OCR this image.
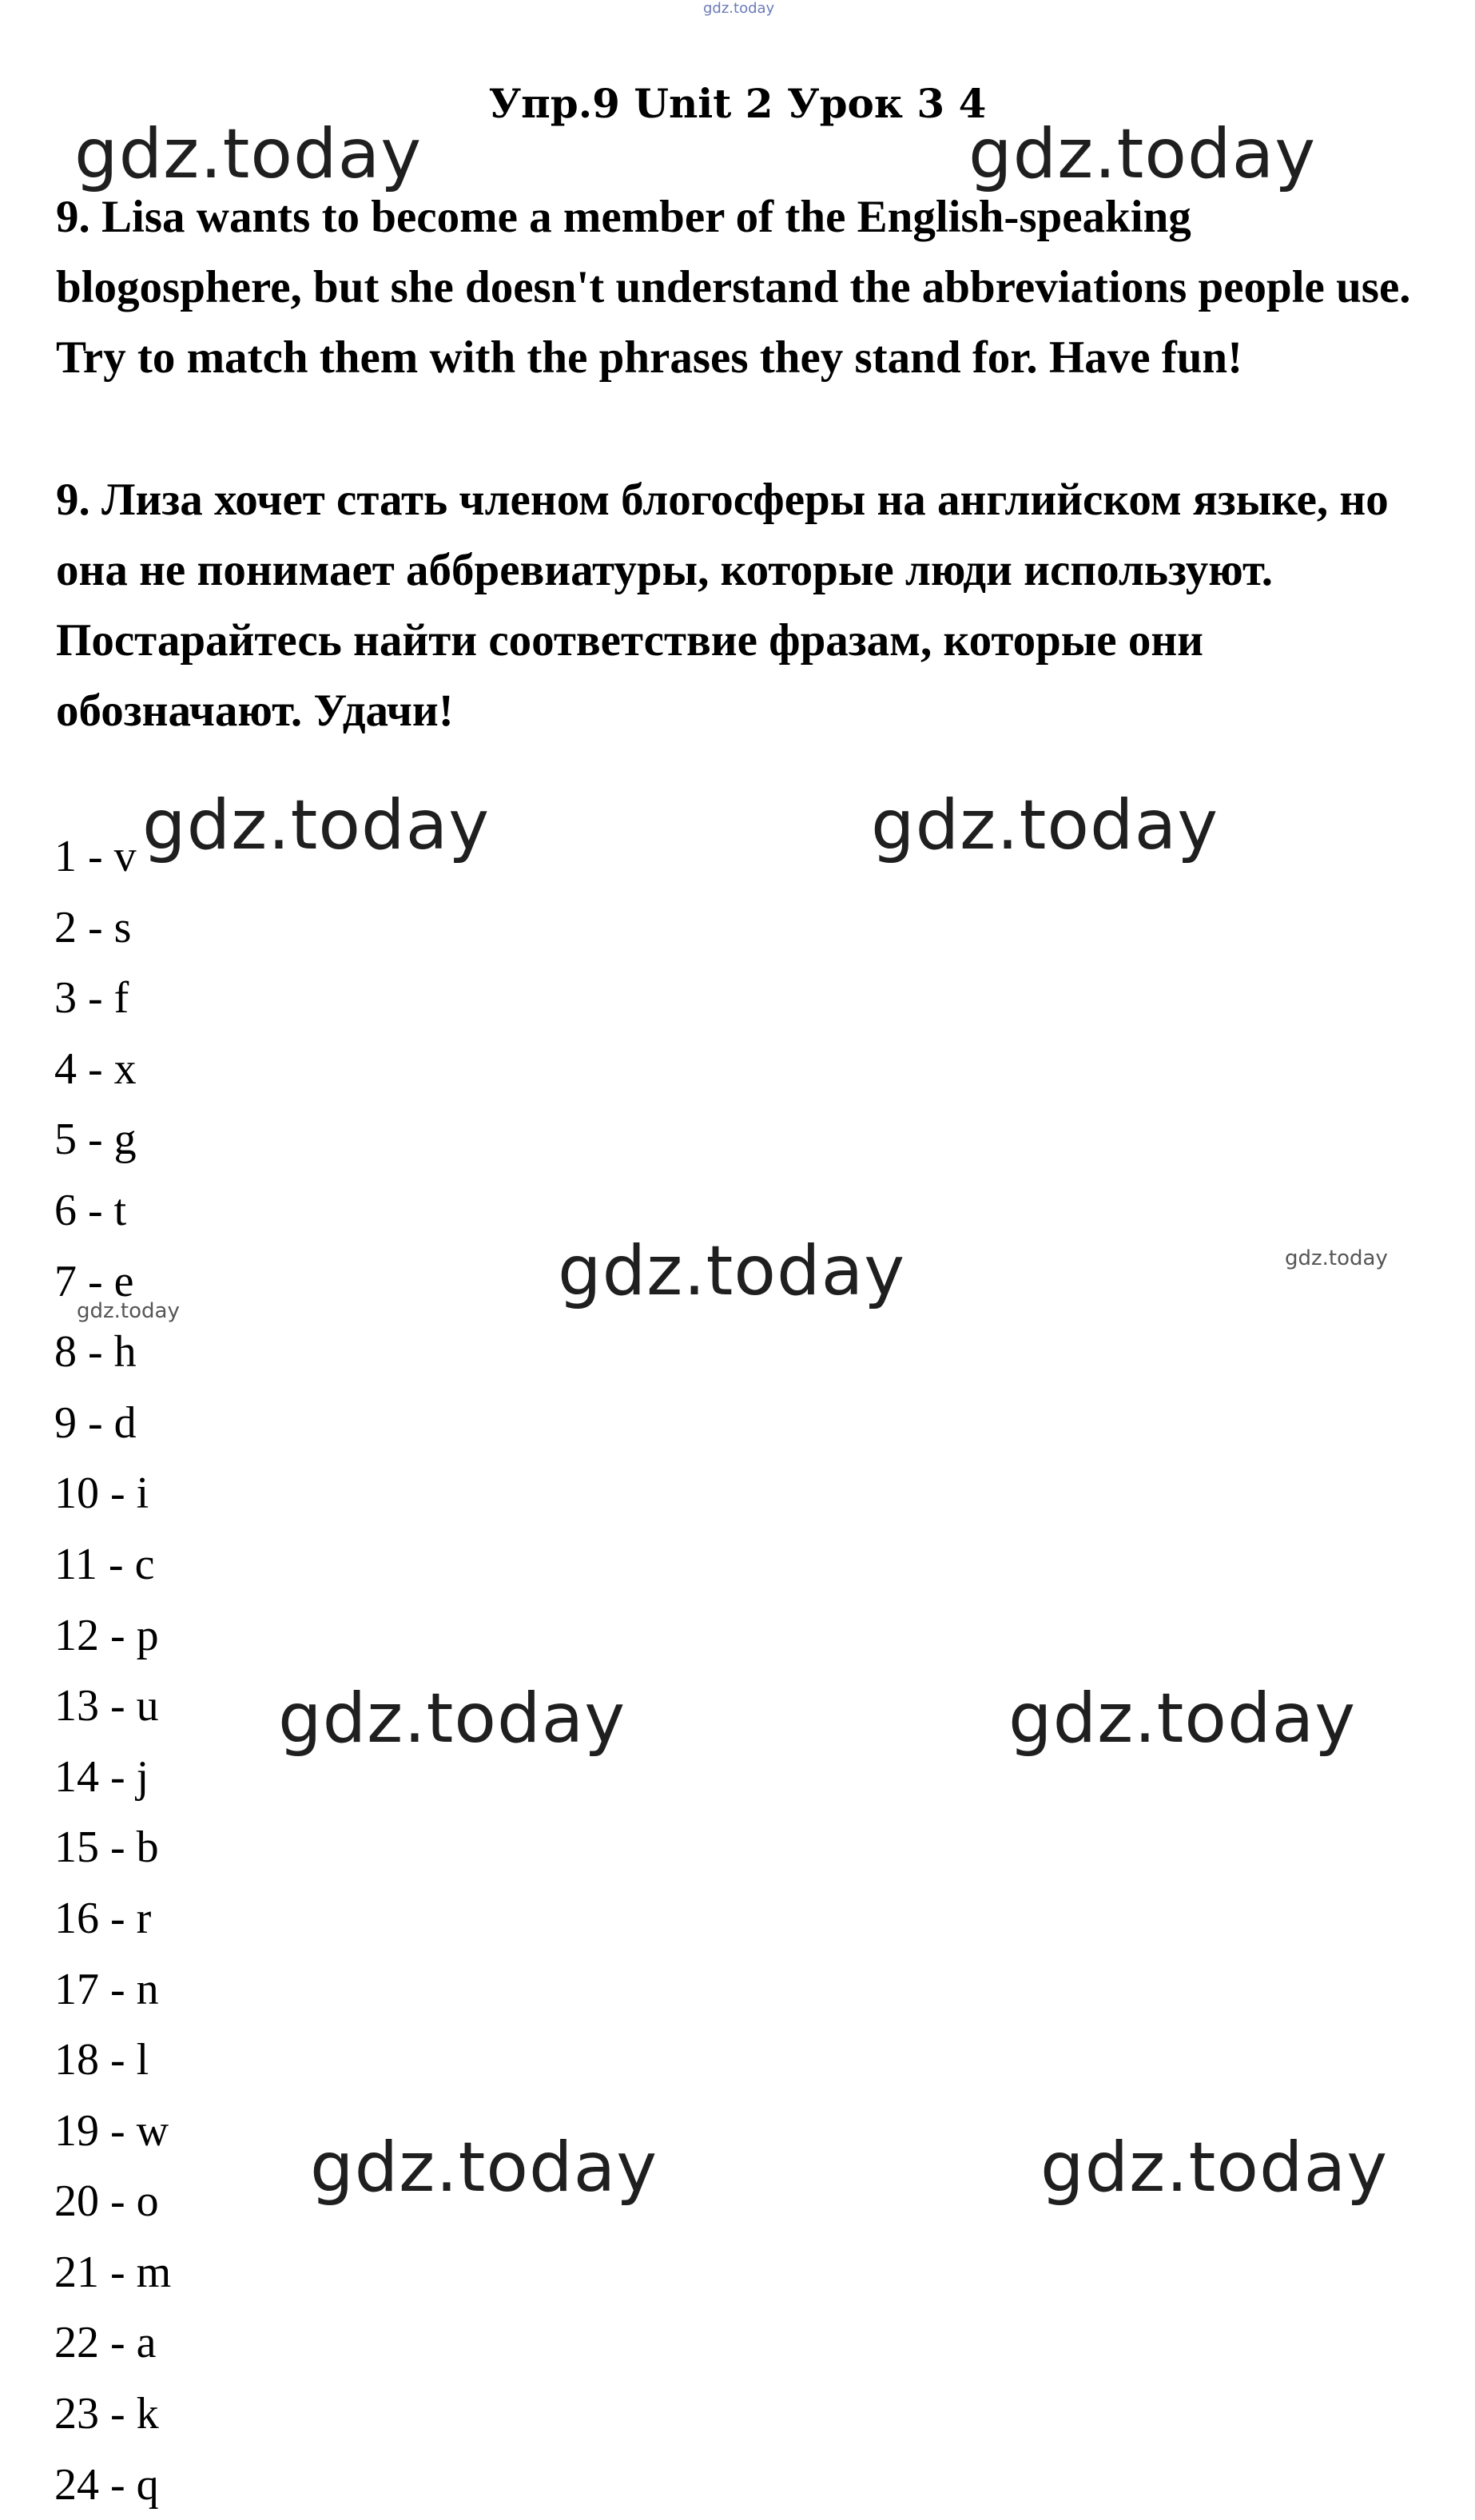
gdz.today
Упр.9 Unit 2 Урок 3 4
gdz.today	gdz.today

9. Lisa wants to become a member of the English-speaking blogosphere, but she doesn't understand the abbreviations people use. Try to match them with the phrases they stand for. Have fun!

9. Лиза хочет стать членом блогосферы на английском языке, но она не понимает аббревиатуры, которые люди используют. Постарайтесь найти соответствие фразам, которые они обозначают. Удачи!

1 - v
2 - s
3 - f
4 - x
5 - g
6 - t
7 - e
8 - h
9 - d
10 - i
11 - c
12 - p
13 - u
14 - j
15 - b
16 - r
17 - n
18 - l
19 - w
20 - o
21 - m
22 - a
23 - k
24 - q
gdz.today	gdz.today
gdz.today	gdz.today
gdz.today
gdz.today	gdz.today
gdz.today	gdz.today
